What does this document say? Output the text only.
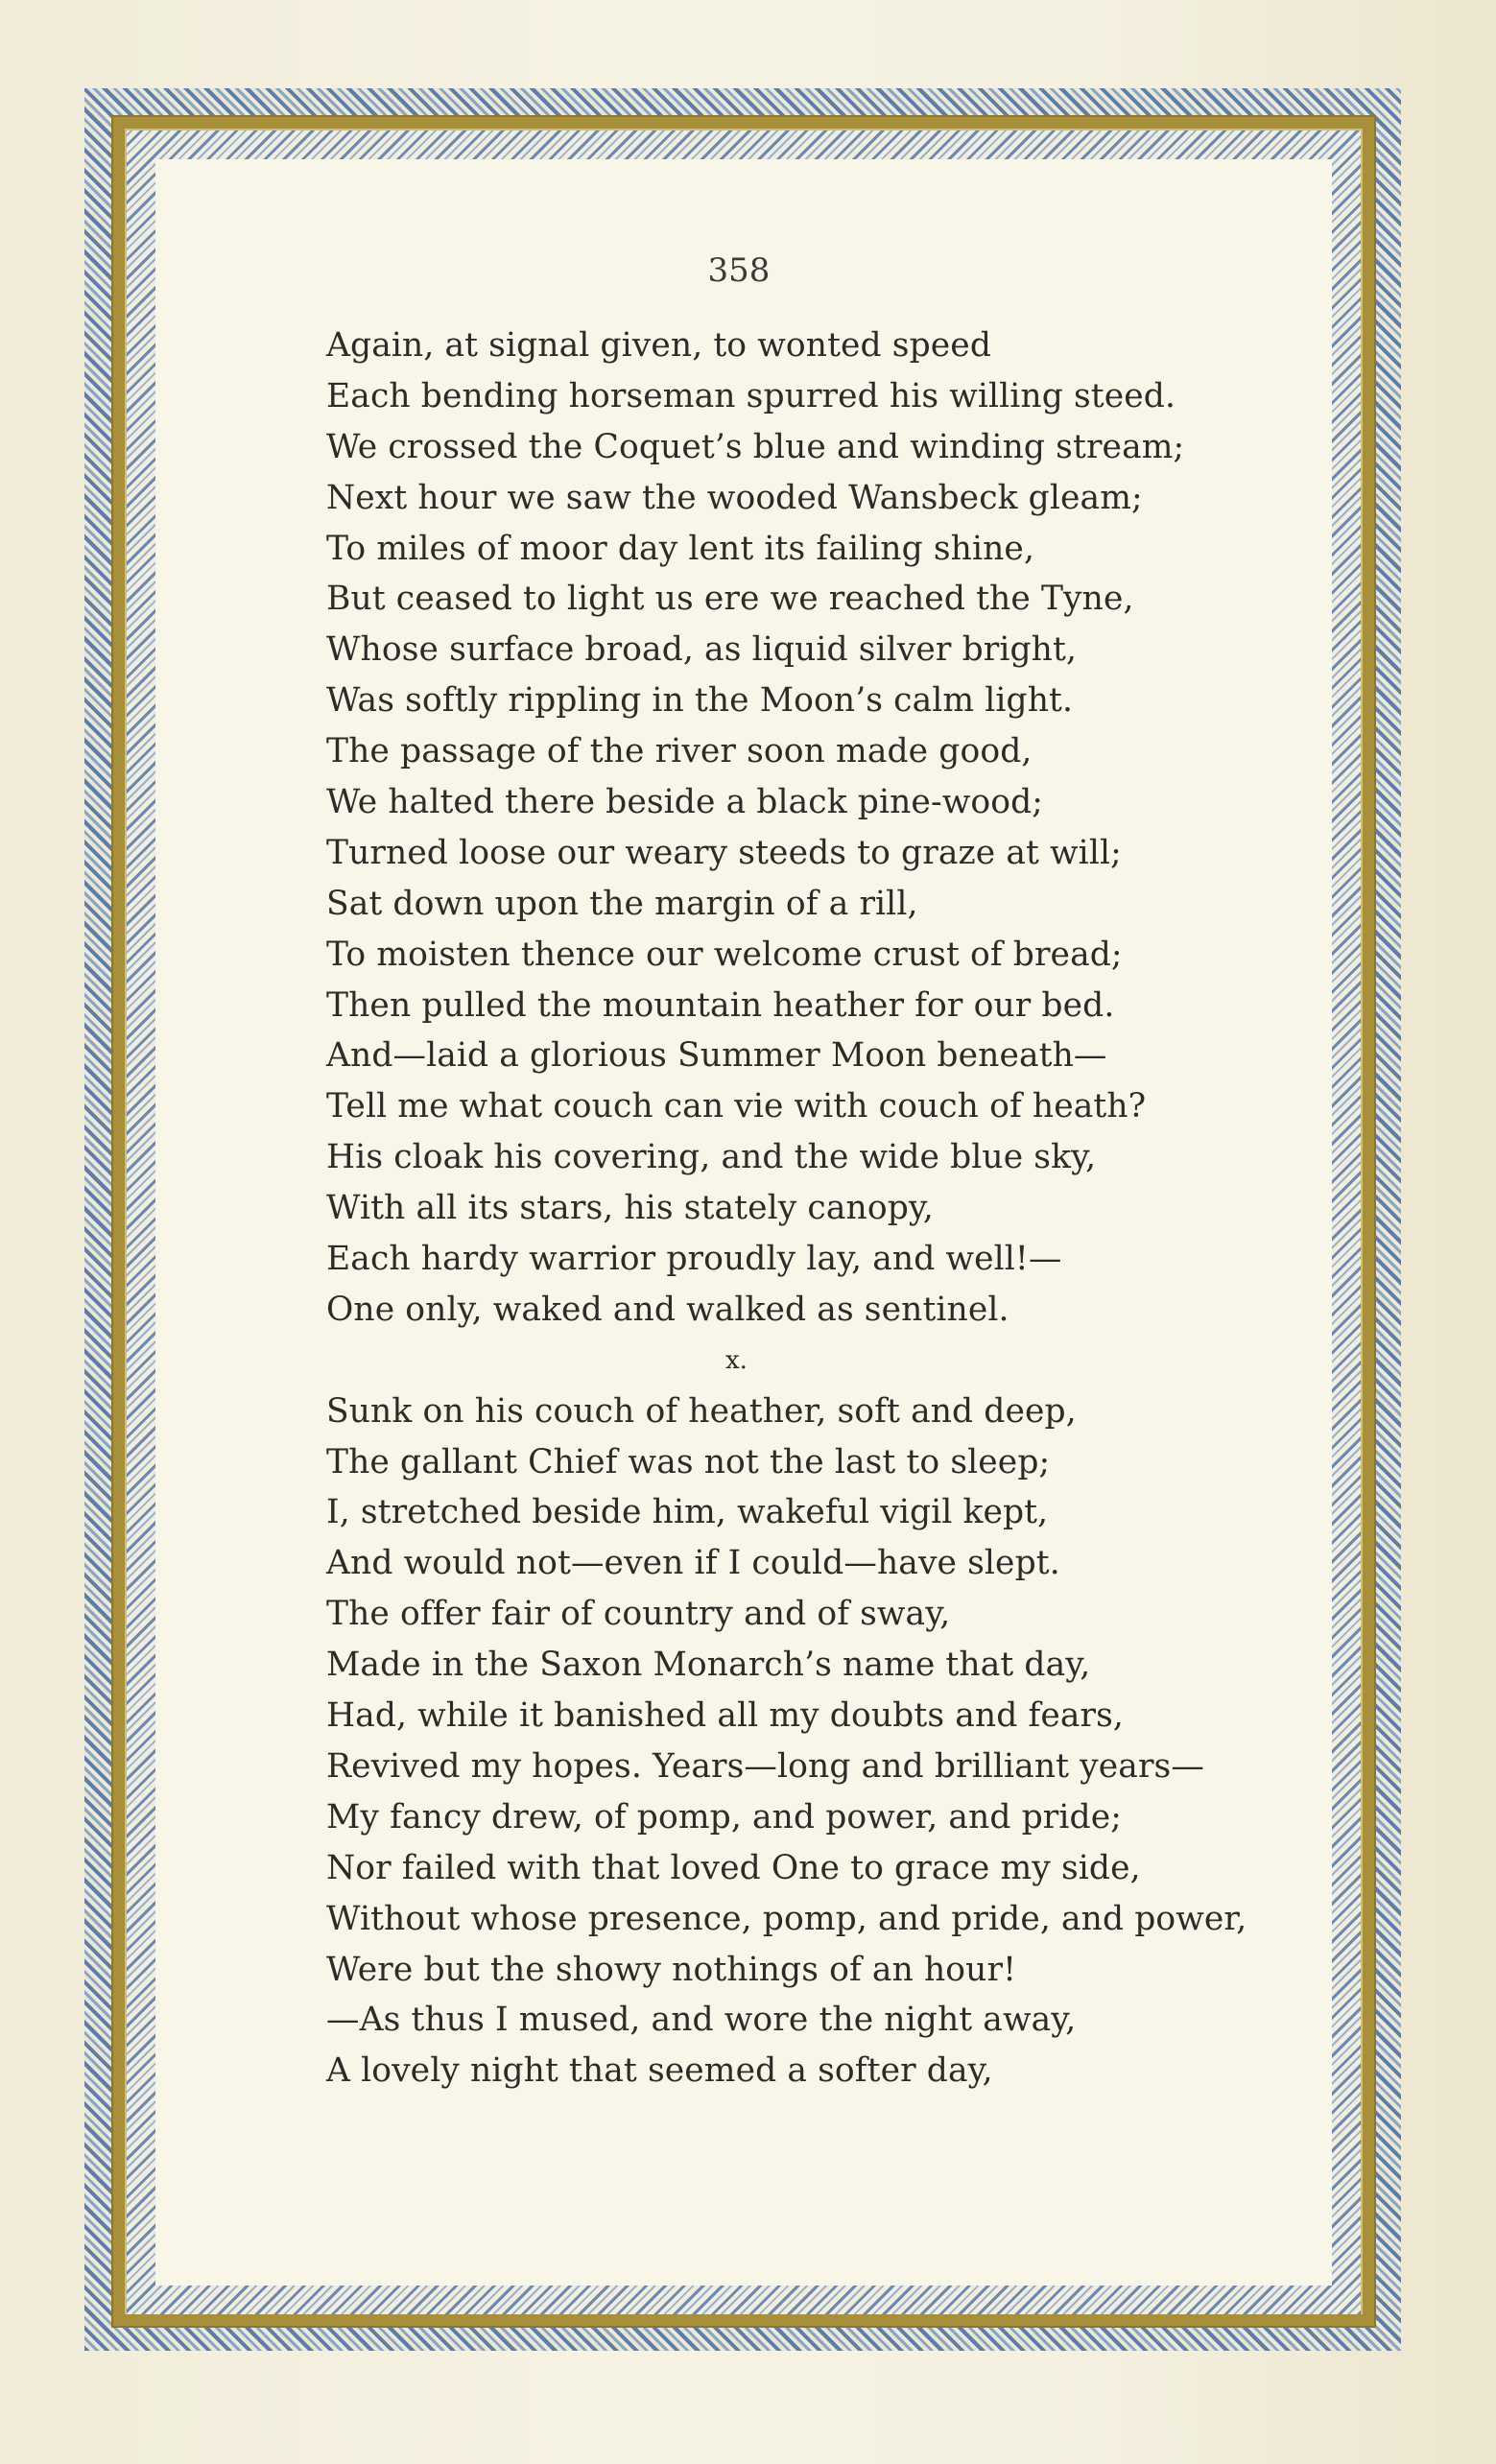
358
Again, at signal given, to wonted speed
Each bending horseman spurred his willing steed.
We crossed the Coquet’s blue and winding stream;
Next hour we saw the wooded Wansbeck gleam;
To miles of moor day lent its failing shine,
But ceased to light us ere we reached the Tyne,
Whose surface broad, as liquid silver bright,
Was softly rippling in the Moon’s calm light.
The passage of the river soon made good,
We halted there beside a black pine-wood;
Turned loose our weary steeds to graze at will;
Sat down upon the margin of a rill,
To moisten thence our welcome crust of bread;
Then pulled the mountain heather for our bed.
And—laid a glorious Summer Moon beneath—
Tell me what couch can vie with couch of heath?
His cloak his covering, and the wide blue sky,
With all its stars, his stately canopy,
Each hardy warrior proudly lay, and well!—
One only, waked and walked as sentinel.
x.
Sunk on his couch of heather, soft and deep,
The gallant Chief was not the last to sleep;
I, stretched beside him, wakeful vigil kept,
And would not—even if I could—have slept.
The offer fair of country and of sway,
Made in the Saxon Monarch’s name that day,
Had, while it banished all my doubts and fears,
Revived my hopes. Years—long and brilliant years—
My fancy drew, of pomp, and power, and pride;
Nor failed with that loved One to grace my side,
Without whose presence, pomp, and pride, and power,
Were but the showy nothings of an hour!
—As thus I mused, and wore the night away,
A lovely night that seemed a softer day,
